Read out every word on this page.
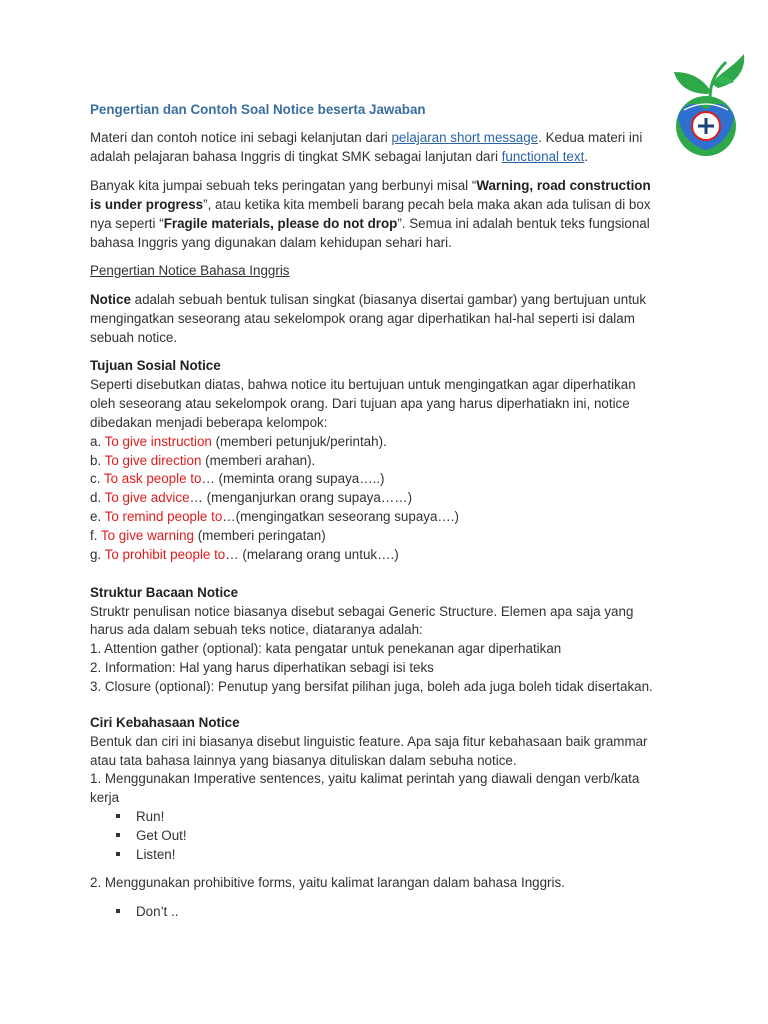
Pengertian dan Contoh Soal Notice beserta Jawaban

Materi dan contoh notice ini sebagi kelanjutan dari pelajaran short message. Kedua materi ini

adalah pelajaran bahasa Inggris di tingkat SMK sebagai lanjutan dari functional text.

Banyak kita jumpai sebuah teks peringatan yang berbunyi misal “Warning, road construction

is under progress”, atau ketika kita membeli barang pecah bela maka akan ada tulisan di box

nya seperti “Fragile materials, please do not drop”. Semua ini adalah bentuk teks fungsional

bahasa Inggris yang digunakan dalam kehidupan sehari hari.

Pengertian Notice Bahasa Inggris

Notice adalah sebuah bentuk tulisan singkat (biasanya disertai gambar) yang bertujuan untuk

mengingatkan seseorang atau sekelompok orang agar diperhatikan hal-hal seperti isi dalam

sebuah notice.

Tujuan Sosial Notice

Seperti disebutkan diatas, bahwa notice itu bertujuan untuk mengingatkan agar diperhatikan

oleh seseorang atau sekelompok orang. Dari tujuan apa yang harus diperhatiakn ini, notice

dibedakan menjadi beberapa kelompok:

a. To give instruction (memberi petunjuk/perintah).

b. To give direction (memberi arahan).

c. To ask people to… (meminta orang supaya…..)

d. To give advice… (menganjurkan orang supaya……)

e. To remind people to…(mengingatkan seseorang supaya….)

f. To give warning (memberi peringatan)

g. To prohibit people to… (melarang orang untuk….)

Struktur Bacaan Notice

Struktr penulisan notice biasanya disebut sebagai Generic Structure. Elemen apa saja yang

harus ada dalam sebuah teks notice, diataranya adalah:

1. Attention gather (optional): kata pengatar untuk penekanan agar diperhatikan

2. Information: Hal yang harus diperhatikan sebagi isi teks

3. Closure (optional): Penutup yang bersifat pilihan juga, boleh ada juga boleh tidak disertakan.

Ciri Kebahasaan Notice

Bentuk dan ciri ini biasanya disebut linguistic feature. Apa saja fitur kebahasaan baik grammar

atau tata bahasa lainnya yang biasanya dituliskan dalam sebuha notice.

1. Menggunakan Imperative sentences, yaitu kalimat perintah yang diawali dengan verb/kata

kerja

Run!
Get Out!
Listen!

2. Menggunakan prohibitive forms, yaitu kalimat larangan dalam bahasa Inggris.

Don’t ..
